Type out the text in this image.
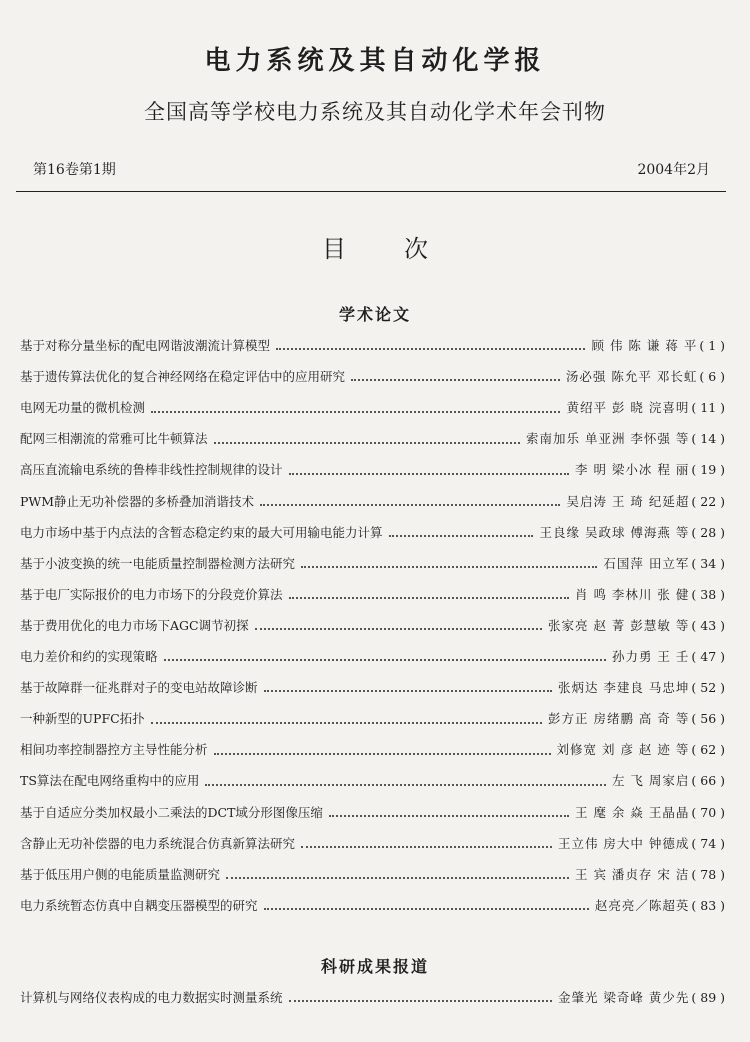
电力系统及其自动化学报
全国高等学校电力系统及其自动化学术年会刊物
第16卷第1期	2004年2月
目 次
学术论文
基于对称分量坐标的配电网谐波潮流计算模型	顾 伟 陈 谦 蒋 平 ( 1 )
基于遗传算法优化的复合神经网络在稳定评估中的应用研究	汤必强 陈允平 邓长虹 ( 6 )
电网无功量的微机检测	黄绍平 彭 晓 浣喜明 ( 11 )
配网三相潮流的常雅可比牛顿算法	索南加乐 单亚洲 李怀强 等 ( 14 )
高压直流输电系统的鲁棒非线性控制规律的设计	李 明 梁小冰 程 丽 ( 19 )
PWM静止无功补偿器的多桥叠加消谐技术	吴启涛 王 琦 纪延超 ( 22 )
电力市场中基于内点法的含暂态稳定约束的最大可用输电能力计算	王良缘 吴政球 傅海燕 等 ( 28 )
基于小波变换的统一电能质量控制器检测方法研究	石国萍 田立军 ( 34 )
基于电厂实际报价的电力市场下的分段竞价算法	肖 鸣 李林川 张 健 ( 38 )
基于费用优化的电力市场下AGC调节初探	张家亮 赵 菁 彭慧敏 等 ( 43 )
电力差价和约的实现策略	孙力勇 王 壬 ( 47 )
基于故障群一征兆群对子的变电站故障诊断	张炳达 李建良 马忠坤 ( 52 )
一种新型的UPFC拓扑	彭方正 房绪鹏 高 奇 等 ( 56 )
相间功率控制器控方主导性能分析	刘修宽 刘 彦 赵 迹 等 ( 62 )
TS算法在配电网络重构中的应用	左 飞 周家启 ( 66 )
基于自适应分类加权最小二乘法的DCT域分形图像压缩	王 麾 余 焱 王晶晶 ( 70 )
含静止无功补偿器的电力系统混合仿真新算法研究	王立伟 房大中 钟德成 ( 74 )
基于低压用户侧的电能质量监测研究	王 宾 潘贞存 宋 洁 ( 78 )
电力系统暂态仿真中自耦变压器模型的研究	赵亮亮／陈超英 ( 83 )
科研成果报道
计算机与网络仪表构成的电力数据实时测量系统	金肇光 梁奇峰 黄少先 ( 89 )
